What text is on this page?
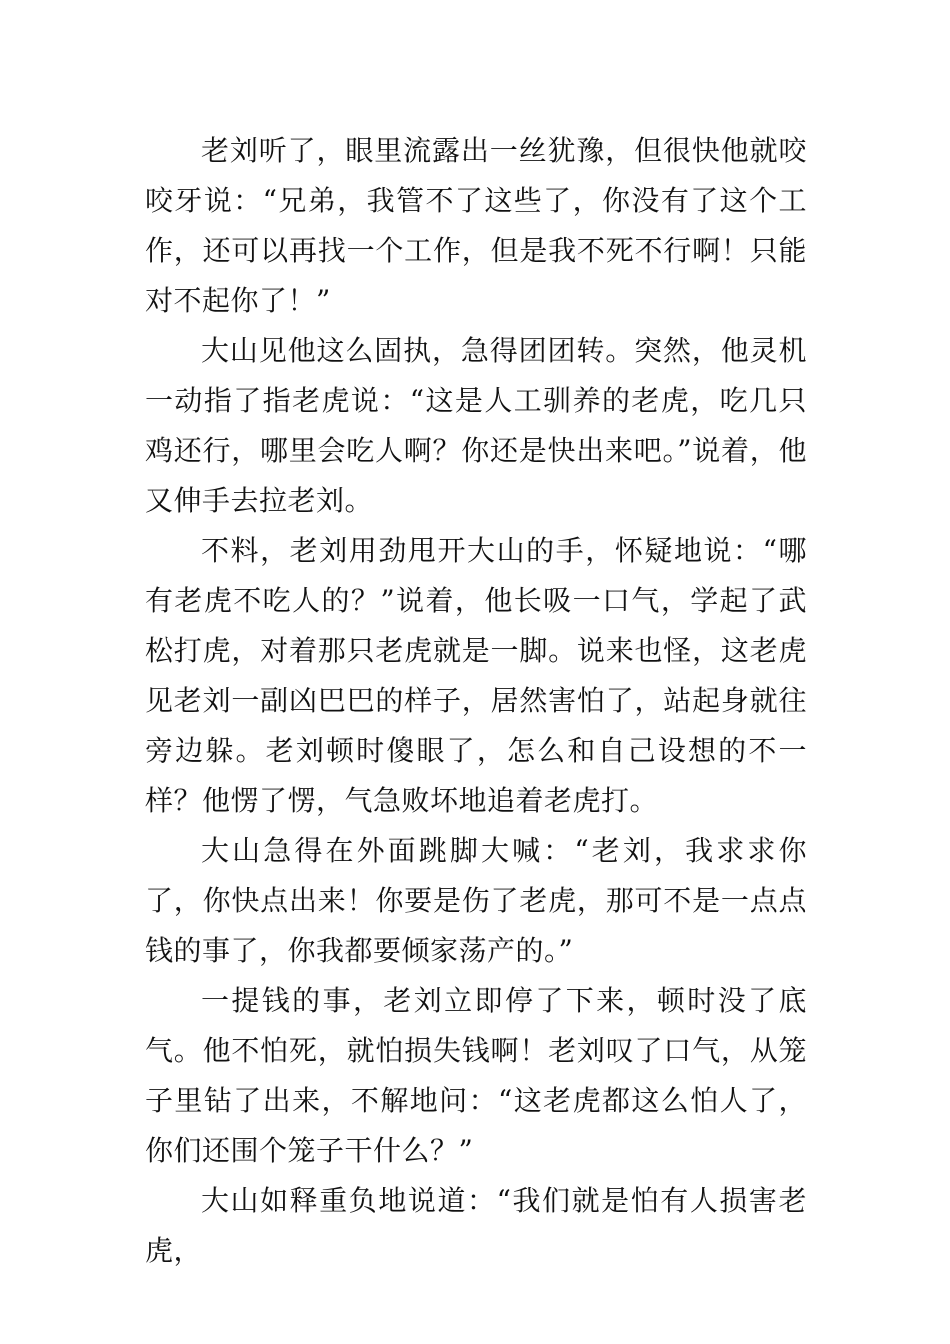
老刘听了，眼里流露出一丝犹豫，但很快他就咬咬牙说：“兄弟，我管不了这些了，你没有了这个工作，还可以再找一个工作，但是我不死不行啊！只能对不起你了！”

大山见他这么固执，急得团团转。突然，他灵机一动指了指老虎说：“这是人工驯养的老虎，吃几只鸡还行，哪里会吃人啊？你还是快出来吧。”说着，他又伸手去拉老刘。

不料，老刘用劲甩开大山的手，怀疑地说：“哪有老虎不吃人的？”说着，他长吸一口气，学起了武松打虎，对着那只老虎就是一脚。说来也怪，这老虎见老刘一副凶巴巴的样子，居然害怕了，站起身就往旁边躲。老刘顿时傻眼了，怎么和自己设想的不一样？他愣了愣，气急败坏地追着老虎打。

大山急得在外面跳脚大喊：“老刘，我求求你了，你快点出来！你要是伤了老虎，那可不是一点点钱的事了，你我都要倾家荡产的。”

一提钱的事，老刘立即停了下来，顿时没了底气。他不怕死，就怕损失钱啊！老刘叹了口气，从笼子里钻了出来，不解地问：“这老虎都这么怕人了，你们还围个笼子干什么？”

大山如释重负地说道：“我们就是怕有人损害老虎，
